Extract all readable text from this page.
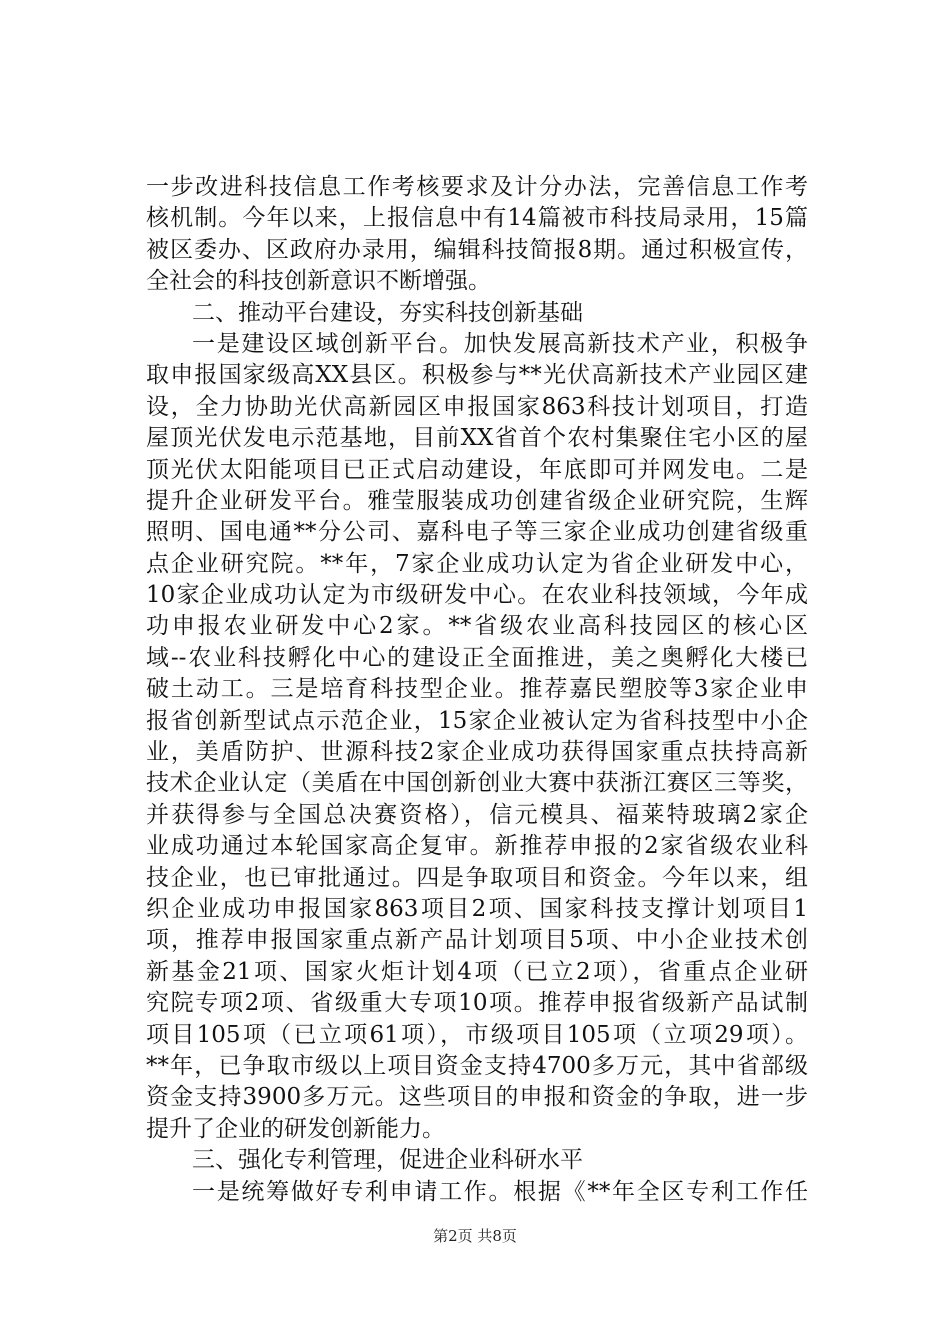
一步改进科技信息工作考核要求及计分办法，完善信息工作考
核机制。今年以来，上报信息中有14篇被市科技局录用，15篇
被区委办、区政府办录用，编辑科技简报8期。通过积极宣传，
全社会的科技创新意识不断增强。
二、推动平台建设，夯实科技创新基础
一是建设区域创新平台。加快发展高新技术产业，积极争
取申报国家级高XX县区。积极参与**光伏高新技术产业园区建
设，全力协助光伏高新园区申报国家863科技计划项目，打造
屋顶光伏发电示范基地，目前XX省首个农村集聚住宅小区的屋
顶光伏太阳能项目已正式启动建设，年底即可并网发电。二是
提升企业研发平台。雅莹服装成功创建省级企业研究院，生辉
照明、国电通**分公司、嘉科电子等三家企业成功创建省级重
点企业研究院。**年，7家企业成功认定为省企业研发中心，
10家企业成功认定为市级研发中心。在农业科技领域，今年成
功申报农业研发中心2家。**省级农业高科技园区的核心区
域--农业科技孵化中心的建设正全面推进，美之奥孵化大楼已
破土动工。三是培育科技型企业。推荐嘉民塑胶等3家企业申
报省创新型试点示范企业，15家企业被认定为省科技型中小企
业，美盾防护、世源科技2家企业成功获得国家重点扶持高新
技术企业认定（美盾在中国创新创业大赛中获浙江赛区三等奖，
并获得参与全国总决赛资格），信元模具、福莱特玻璃2家企
业成功通过本轮国家高企复审。新推荐申报的2家省级农业科
技企业，也已审批通过。四是争取项目和资金。今年以来，组
织企业成功申报国家863项目2项、国家科技支撑计划项目1
项，推荐申报国家重点新产品计划项目5项、中小企业技术创
新基金21项、国家火炬计划4项（已立2项），省重点企业研
究院专项2项、省级重大专项10项。推荐申报省级新产品试制
项目105项（已立项61项），市级项目105项（立项29项）。
**年，已争取市级以上项目资金支持4700多万元，其中省部级
资金支持3900多万元。这些项目的申报和资金的争取，进一步
提升了企业的研发创新能力。
三、强化专利管理，促进企业科研水平
一是统筹做好专利申请工作。根据《**年全区专利工作任
第2页 共8页
